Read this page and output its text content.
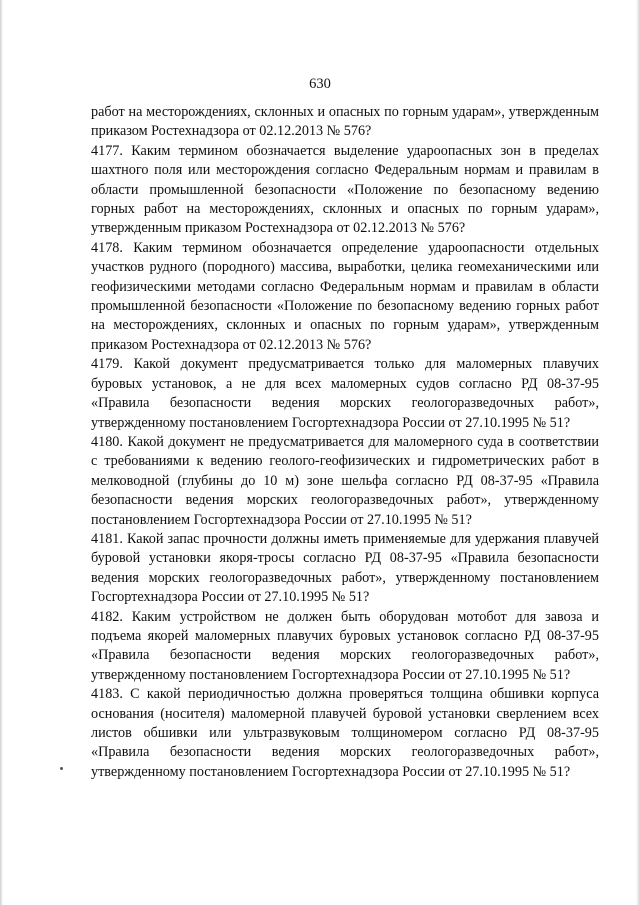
630

работ на месторождениях, склонных и опасных по горным ударам», утвержденным приказом Ростехнадзора от 02.12.2013 № 576?

4177. Каким термином обозначается выделение удароопасных зон в пределах шахтного поля или месторождения согласно Федеральным нормам и правилам в области промышленной безопасности «Положение по безопасному ведению горных работ на месторождениях, склонных и опасных по горным ударам», утвержденным приказом Ростехнадзора от 02.12.2013 № 576?

4178. Каким термином обозначается определение удароопасности отдельных участков рудного (породного) массива, выработки, целика геомеханическими или геофизическими методами согласно Федеральным нормам и правилам в области промышленной безопасности «Положение по безопасному ведению горных работ на месторождениях, склонных и опасных по горным ударам», утвержденным приказом Ростехнадзора от 02.12.2013 № 576?

4179. Какой документ предусматривается только для маломерных плавучих буровых установок, а не для всех маломерных судов согласно РД 08-37-95 «Правила безопасности ведения морских геологоразведочных работ», утвержденному постановлением Госгортехнадзора России от 27.10.1995 № 51?

4180. Какой документ не предусматривается для маломерного суда в соответствии с требованиями к ведению геолого-геофизических и гидрометрических работ в мелководной (глубины до 10 м) зоне шельфа согласно РД 08-37-95 «Правила безопасности ведения морских геологоразведочных работ», утвержденному постановлением Госгортехнадзора России от 27.10.1995 № 51?

4181. Какой запас прочности должны иметь применяемые для удержания плавучей буровой установки якоря-тросы согласно РД 08-37-95 «Правила безопасности ведения морских геологоразведочных работ», утвержденному постановлением Госгортехнадзора России от 27.10.1995 № 51?

4182. Каким устройством не должен быть оборудован мотобот для завоза и подъема якорей маломерных плавучих буровых установок согласно РД 08-37-95 «Правила безопасности ведения морских геологоразведочных работ», утвержденному постановлением Госгортехнадзора России от 27.10.1995 № 51?

4183. С какой периодичностью должна проверяться толщина обшивки корпуса основания (носителя) маломерной плавучей буровой установки сверлением всех листов обшивки или ультразвуковым толщиномером согласно РД 08-37-95 «Правила безопасности ведения морских геологоразведочных работ», утвержденному постановлением Госгортехнадзора России от 27.10.1995 № 51?
